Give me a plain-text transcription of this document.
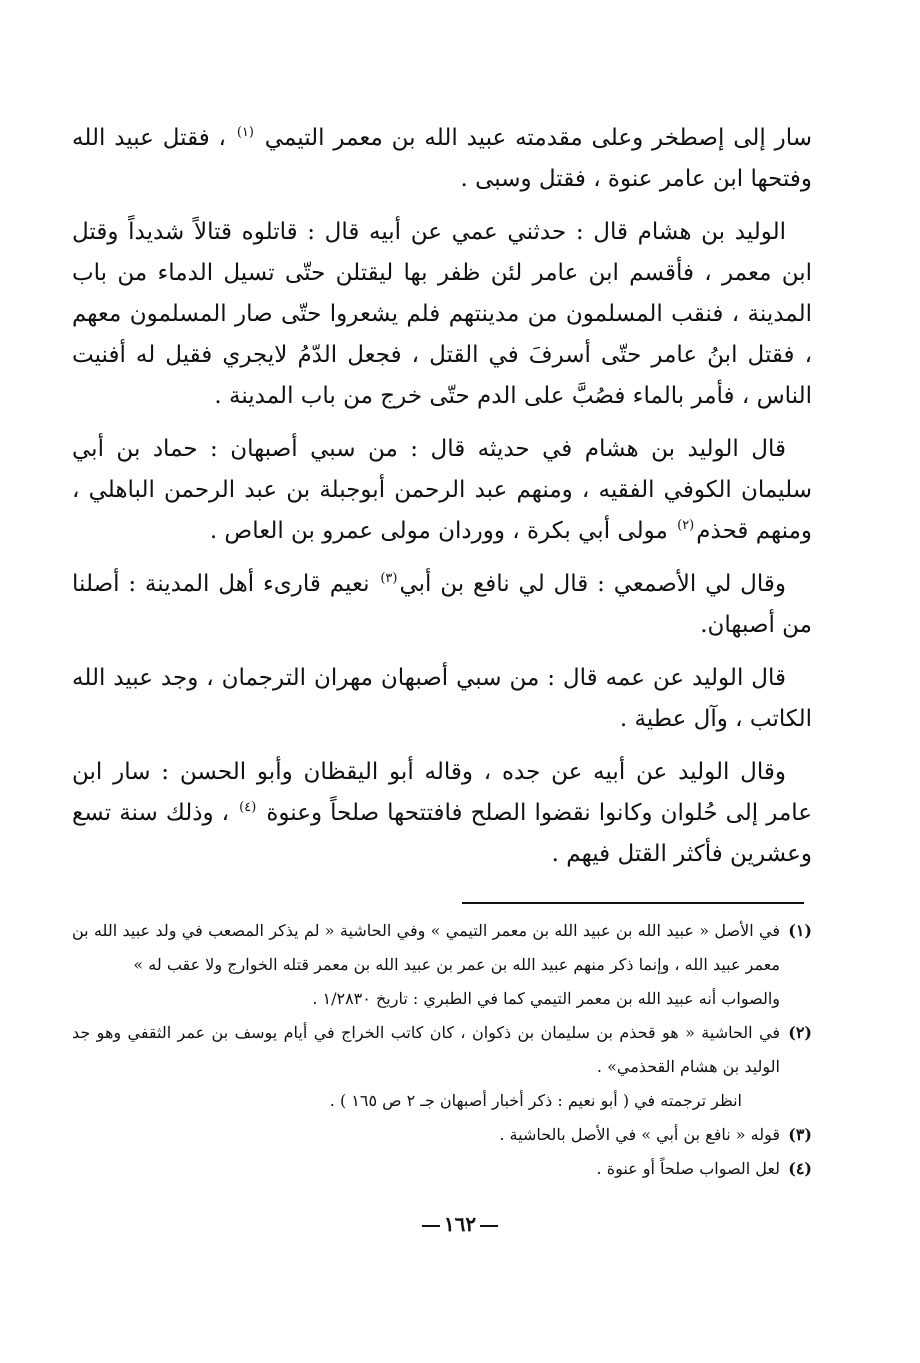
سار إلى إصطخر وعلى مقدمته عبيد الله بن معمر التيمي $^{(١)}$ ، فقتل عبيد الله وفتحها ابن عامر عنوة ، فقتل وسبى .

الوليد بن هشام قال : حدثني عمي عن أبيه قال : قاتلوه قتالاً شديداً وقتل ابن معمر ، فأقسم ابن عامر لئن ظفر بها ليقتلن حتّى تسيل الدماء من باب المدينة ، فنقب المسلمون من مدينتهم فلم يشعروا حتّى صار المسلمون معهم ، فقتل ابنُ عامر حتّى أسرفَ في القتل ، فجعل الدّمُ لايجري فقيل له أفنيت الناس ، فأمر بالماء فصُبَّ على الدم حتّى خرج من باب المدينة .

قال الوليد بن هشام في حديثه قال : من سبي أصبهان : حماد بن أبي سليمان الكوفي الفقيه ، ومنهم عبد الرحمن أبوجبلة بن عبد الرحمن الباهلي ، ومنهم قحذم$^{(٢)}$ مولى أبي بكرة ، ووردان مولى عمرو بن العاص .

وقال لي الأصمعي : قال لي نافع بن أبي$^{(٣)}$ نعيم قارىء أهل المدينة : أصلنا من أصبهان.

قال الوليد عن عمه قال : من سبي أصبهان مهران الترجمان ، وجد عبيد الله الكاتب ، وآل عطية .

وقال الوليد عن أبيه عن جده ، وقاله أبو اليقظان وأبو الحسن : سار ابن عامر إلى حُلوان وكانوا نقضوا الصلح فافتتحها صلحاً وعنوة $^{(٤)}$ ، وذلك سنة تسع وعشرين فأكثر القتل فيهم .

(١)
في الأصل « عبيد الله بن عبيد الله بن معمر التيمي » وفي الحاشية « لم يذكر المصعب في ولد عبيد الله بن معمر عبيد الله ، وإنما ذكر منهم عبيد الله بن عمر بن عبيد الله بن معمر قتله الخوارج ولا عقب له »

والصواب أنه عبيد الله بن معمر التيمي كما في الطبري : تاريخ ١/٢٨٣٠ .

(٢)
في الحاشية « هو قحذم بن سليمان بن ذكوان ، كان كاتب الخراج في أيام يوسف بن عمر الثقفي وهو جد الوليد بن هشام القحذمي» .

انظر ترجمته في ( أبو نعيم : ذكر أخبار أصبهان جـ ٢ ص ١٦٥ ) .

(٣)
قوله « نافع بن أبي » في الأصل بالحاشية .

(٤)
لعل الصواب صلحاً أو عنوة .

١٦٢
